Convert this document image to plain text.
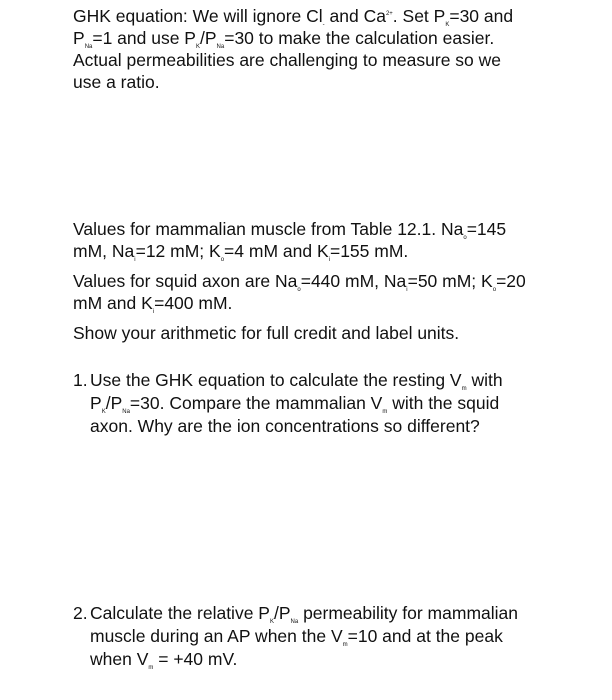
GHK equation: We will ignore $Cl_-$ and $Ca^{2+}$. Set $P_K=30$ and
$P_{Na}=1$ and use $P_K/P_{Na}=30$ to make the calculation easier.
Actual permeabilities are challenging to measure so we
use a ratio.
Values for mammalian muscle from Table 12.1. $Na_o=145$
mM, $Na_i=12$ mM; $K_o=4$ mM and $K_i=155$ mM.
Values for squid axon are $Na_o=440$ mM, $Na_i=50$ mM; $K_o=20$
mM and $K_i=400$ mM.
Show your arithmetic for full credit and label units.
1. Use the GHK equation to calculate the resting $V_m$ with
$P_K/P_{Na}=30$. Compare the mammalian $V_m$ with the squid
axon. Why are the ion concentrations so different?
2. Calculate the relative $P_K/P_{Na}$ permeability for mammalian
muscle during an AP when the $V_m=10$ and at the peak
when $V_m = +40$ mV.
